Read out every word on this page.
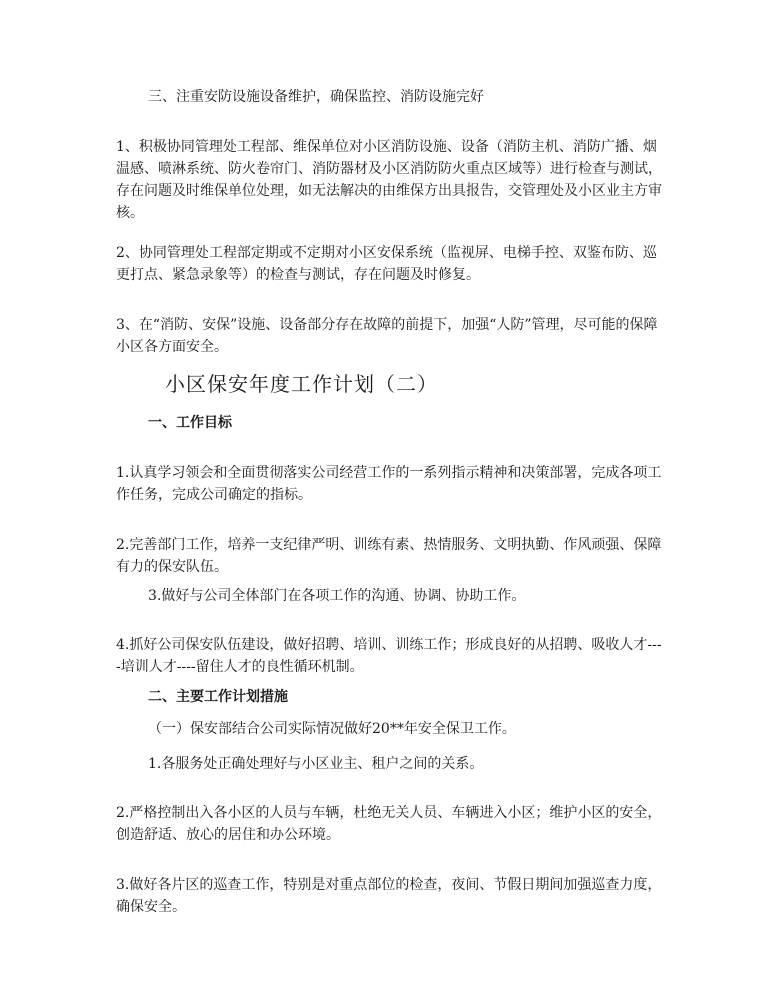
三、注重安防设施设备维护，确保监控、消防设施完好
1、积极协同管理处工程部、维保单位对小区消防设施、设备（消防主机、消防广播、烟温感、喷淋系统、防火卷帘门、消防器材及小区消防防火重点区域等）进行检查与测试，存在问题及时维保单位处理，如无法解决的由维保方出具报告，交管理处及小区业主方审核。
2、协同管理处工程部定期或不定期对小区安保系统（监视屏、电梯手控、双鉴布防、巡更打点、紧急录象等）的检查与测试，存在问题及时修复。
3、在“消防、安保”设施、设备部分存在故障的前提下，加强“人防”管理，尽可能的保障小区各方面安全。
小区保安年度工作计划（二）
一、工作目标
1.认真学习领会和全面贯彻落实公司经营工作的一系列指示精神和决策部署，完成各项工作任务，完成公司确定的指标。
2.完善部门工作，培养一支纪律严明、训练有素、热情服务、文明执勤、作风顽强、保障有力的保安队伍。
3.做好与公司全体部门在各项工作的沟通、协调、协助工作。
4.抓好公司保安队伍建设，做好招聘、培训、训练工作；形成良好的从招聘、吸收人才----培训人才----留住人才的良性循环机制。
二、主要工作计划措施
（一）保安部结合公司实际情况做好20**年安全保卫工作。
1.各服务处正确处理好与小区业主、租户之间的关系。
2.严格控制出入各小区的人员与车辆，杜绝无关人员、车辆进入小区；维护小区的安全，创造舒适、放心的居住和办公环境。
3.做好各片区的巡查工作，特别是对重点部位的检查，夜间、节假日期间加强巡查力度，确保安全。
